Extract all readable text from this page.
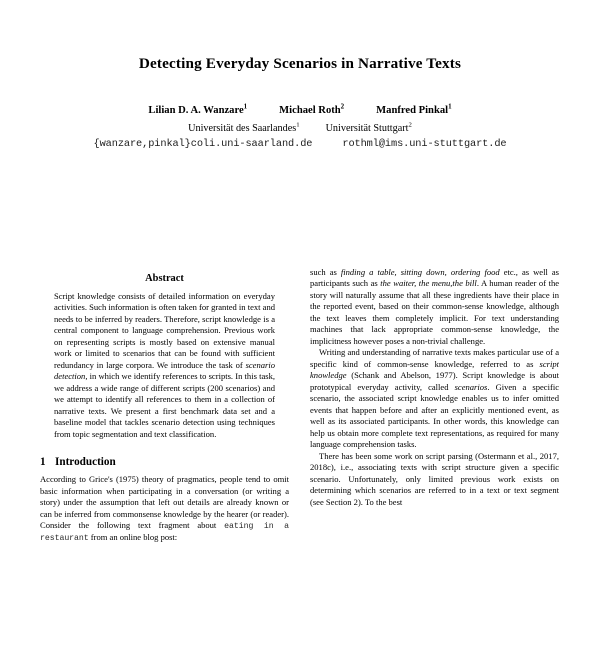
Detecting Everyday Scenarios in Narrative Texts
Lilian D. A. Wanzare$^1$	Michael Roth$^2$	Manfred Pinkal$^1$
Universität des Saarlandes$^1$	Universität Stuttgart$^2$
{wanzare,pinkal}coli.uni-saarland.de	rothml@ims.uni-stuttgart.de
Abstract

Script knowledge consists of detailed information on everyday activities. Such information is often taken for granted in text and needs to be inferred by readers. Therefore, script knowledge is a central component to language comprehension. Previous work on representing scripts is mostly based on extensive manual work or limited to scenarios that can be found with sufficient redundancy in large corpora. We introduce the task of scenario detection, in which we identify references to scripts. In this task, we address a wide range of different scripts (200 scenarios) and we attempt to identify all references to them in a collection of narrative texts. We present a first benchmark data set and a baseline model that tackles scenario detection using techniques from topic segmentation and text classification.

1 Introduction

According to Grice's (1975) theory of pragmatics, people tend to omit basic information when participating in a conversation (or writing a story) under the assumption that left out details are already known or can be inferred from commonsense knowledge by the hearer (or reader). Consider the following text fragment about eating in a restaurant from an online blog post:

such as finding a table, sitting down, ordering food etc., as well as participants such as the waiter, the menu,the bill. A human reader of the story will naturally assume that all these ingredients have their place in the reported event, based on their common-sense knowledge, although the text leaves them completely implicit. For text understanding machines that lack appropriate common-sense knowledge, the implicitness however poses a non-trivial challenge.

Writing and understanding of narrative texts makes particular use of a specific kind of common-sense knowledge, referred to as script knowledge (Schank and Abelson, 1977). Script knowledge is about prototypical everyday activity, called scenarios. Given a specific scenario, the associated script knowledge enables us to infer omitted events that happen before and after an explicitly mentioned event, as well as its associated participants. In other words, this knowledge can help us obtain more complete text representations, as required for many language comprehension tasks.

There has been some work on script parsing (Ostermann et al., 2017, 2018c), i.e., associating texts with script structure given a specific scenario. Unfortunately, only limited previous work exists on determining which scenarios are referred to in a text or text segment (see Section 2). To the best
